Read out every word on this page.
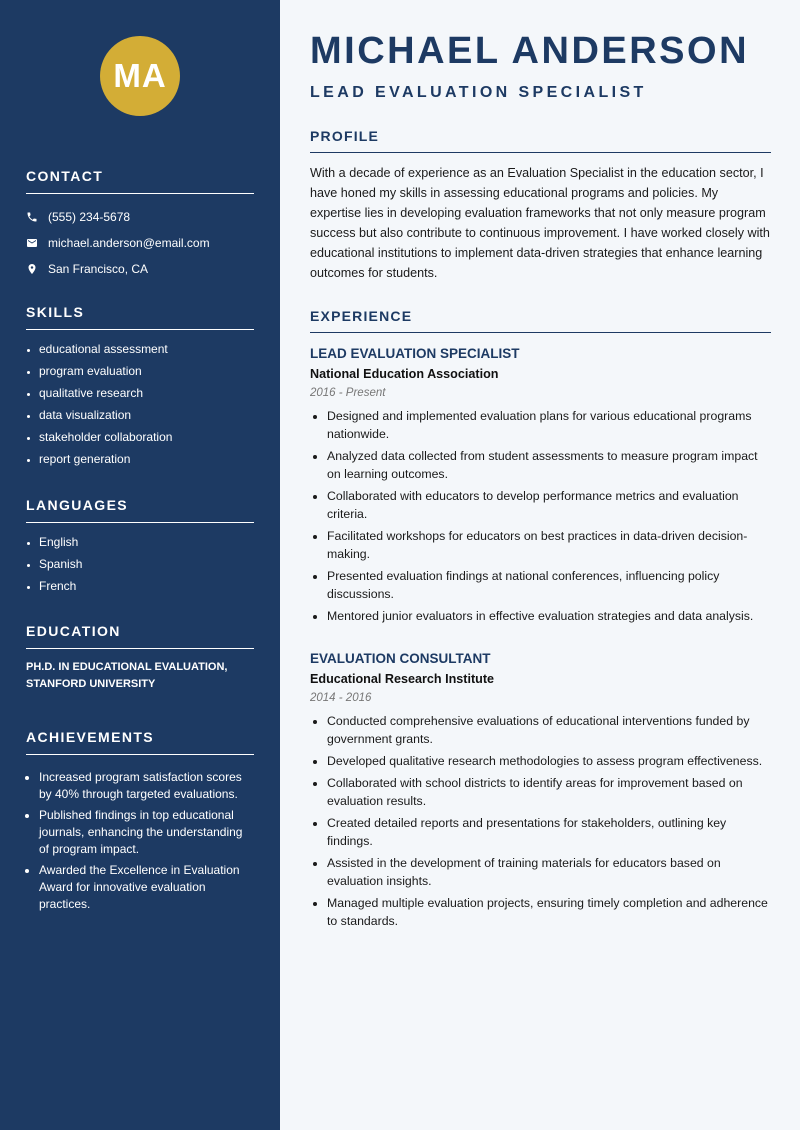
MA
CONTACT
(555) 234-5678
michael.anderson@email.com
San Francisco, CA
SKILLS
• educational assessment
• program evaluation
• qualitative research
• data visualization
• stakeholder collaboration
• report generation
LANGUAGES
• English
• Spanish
• French
EDUCATION
PH.D. IN EDUCATIONAL EVALUATION, STANFORD UNIVERSITY
ACHIEVEMENTS
• Increased program satisfaction scores by 40% through targeted evaluations.
• Published findings in top educational journals, enhancing the understanding of program impact.
• Awarded the Excellence in Evaluation Award for innovative evaluation practices.
MICHAEL ANDERSON
LEAD EVALUATION SPECIALIST
PROFILE

With a decade of experience as an Evaluation Specialist in the education sector, I have honed my skills in assessing educational programs and policies. My expertise lies in developing evaluation frameworks that not only measure program success but also contribute to continuous improvement. I have worked closely with educational institutions to implement data-driven strategies that enhance learning outcomes for students.

EXPERIENCE
LEAD EVALUATION SPECIALIST

National Education Association

2016 - Present

• Designed and implemented evaluation plans for various educational programs nationwide.
• Analyzed data collected from student assessments to measure program impact on learning outcomes.
• Collaborated with educators to develop performance metrics and evaluation criteria.
• Facilitated workshops for educators on best practices in data-driven decision-making.
• Presented evaluation findings at national conferences, influencing policy discussions.
• Mentored junior evaluators in effective evaluation strategies and data analysis.
EVALUATION CONSULTANT

Educational Research Institute

2014 - 2016

• Conducted comprehensive evaluations of educational interventions funded by government grants.
• Developed qualitative research methodologies to assess program effectiveness.
• Collaborated with school districts to identify areas for improvement based on evaluation results.
• Created detailed reports and presentations for stakeholders, outlining key findings.
• Assisted in the development of training materials for educators based on evaluation insights.
• Managed multiple evaluation projects, ensuring timely completion and adherence to standards.
